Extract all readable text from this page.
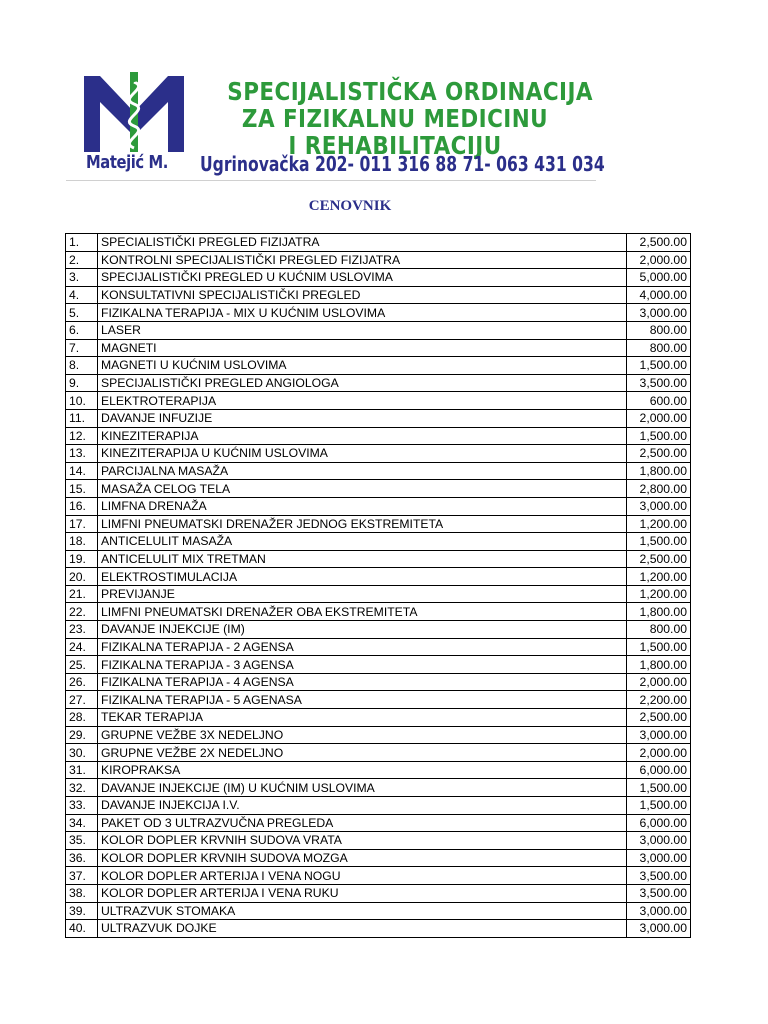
Matejić M.
SPECIJALISTIČKA ORDINACIJA
ZA FIZIKALNU MEDICINU
I REHABILITACIJU
Ugrinovačka 202- 011 316 88 71- 063 431 034
CENOVNIK
1.	SPECIALISTIČKI PREGLED FIZIJATRA	2,500.00
2.	KONTROLNI SPECIJALISTIČKI PREGLED FIZIJATRA	2,000.00
3.	SPECIJALISTIČKI PREGLED U KUĆNIM USLOVIMA	5,000.00
4.	KONSULTATIVNI SPECIJALISTIČKI PREGLED	4,000.00
5.	FIZIKALNA TERAPIJA - MIX U KUĆNIM USLOVIMA	3,000.00
6.	LASER	800.00
7.	MAGNETI	800.00
8.	MAGNETI U KUĆNIM USLOVIMA	1,500.00
9.	SPECIJALISTIČKI PREGLED ANGIOLOGA	3,500.00
10.	ELEKTROTERAPIJA	600.00
11.	DAVANJE INFUZIJE	2,000.00
12.	KINEZITERAPIJA	1,500.00
13.	KINEZITERAPIJA U KUĆNIM USLOVIMA	2,500.00
14.	PARCIJALNA MASAŽA	1,800.00
15.	MASAŽA CELOG TELA	2,800.00
16.	LIMFNA DRENAŽA	3,000.00
17.	LIMFNI PNEUMATSKI DRENAŽER JEDNOG EKSTREMITETA	1,200.00
18.	ANTICELULIT MASAŽA	1,500.00
19.	ANTICELULIT MIX TRETMAN	2,500.00
20.	ELEKTROSTIMULACIJA	1,200.00
21.	PREVIJANJE	1,200.00
22.	LIMFNI PNEUMATSKI DRENAŽER OBA EKSTREMITETA	1,800.00
23.	DAVANJE INJEKCIJE (IM)	800.00
24.	FIZIKALNA TERAPIJA - 2 AGENSA	1,500.00
25.	FIZIKALNA TERAPIJA - 3 AGENSA	1,800.00
26.	FIZIKALNA TERAPIJA - 4 AGENSA	2,000.00
27.	FIZIKALNA TERAPIJA - 5 AGENASA	2,200.00
28.	TEKAR TERAPIJA	2,500.00
29.	GRUPNE VEŽBE 3X NEDELJNO	3,000.00
30.	GRUPNE VEŽBE 2X NEDELJNO	2,000.00
31.	KIROPRAKSA	6,000.00
32.	DAVANJE INJEKCIJE (IM) U KUĆNIM USLOVIMA	1,500.00
33.	DAVANJE INJEKCIJA I.V.	1,500.00
34.	PAKET OD 3 ULTRAZVUČNA PREGLEDA	6,000.00
35.	KOLOR DOPLER KRVNIH SUDOVA VRATA	3,000.00
36.	KOLOR DOPLER KRVNIH SUDOVA MOZGA	3,000.00
37.	KOLOR DOPLER ARTERIJA I VENA NOGU	3,500.00
38.	KOLOR DOPLER ARTERIJA I VENA RUKU	3,500.00
39.	ULTRAZVUK STOMAKA	3,000.00
40.	ULTRAZVUK DOJKE	3,000.00
